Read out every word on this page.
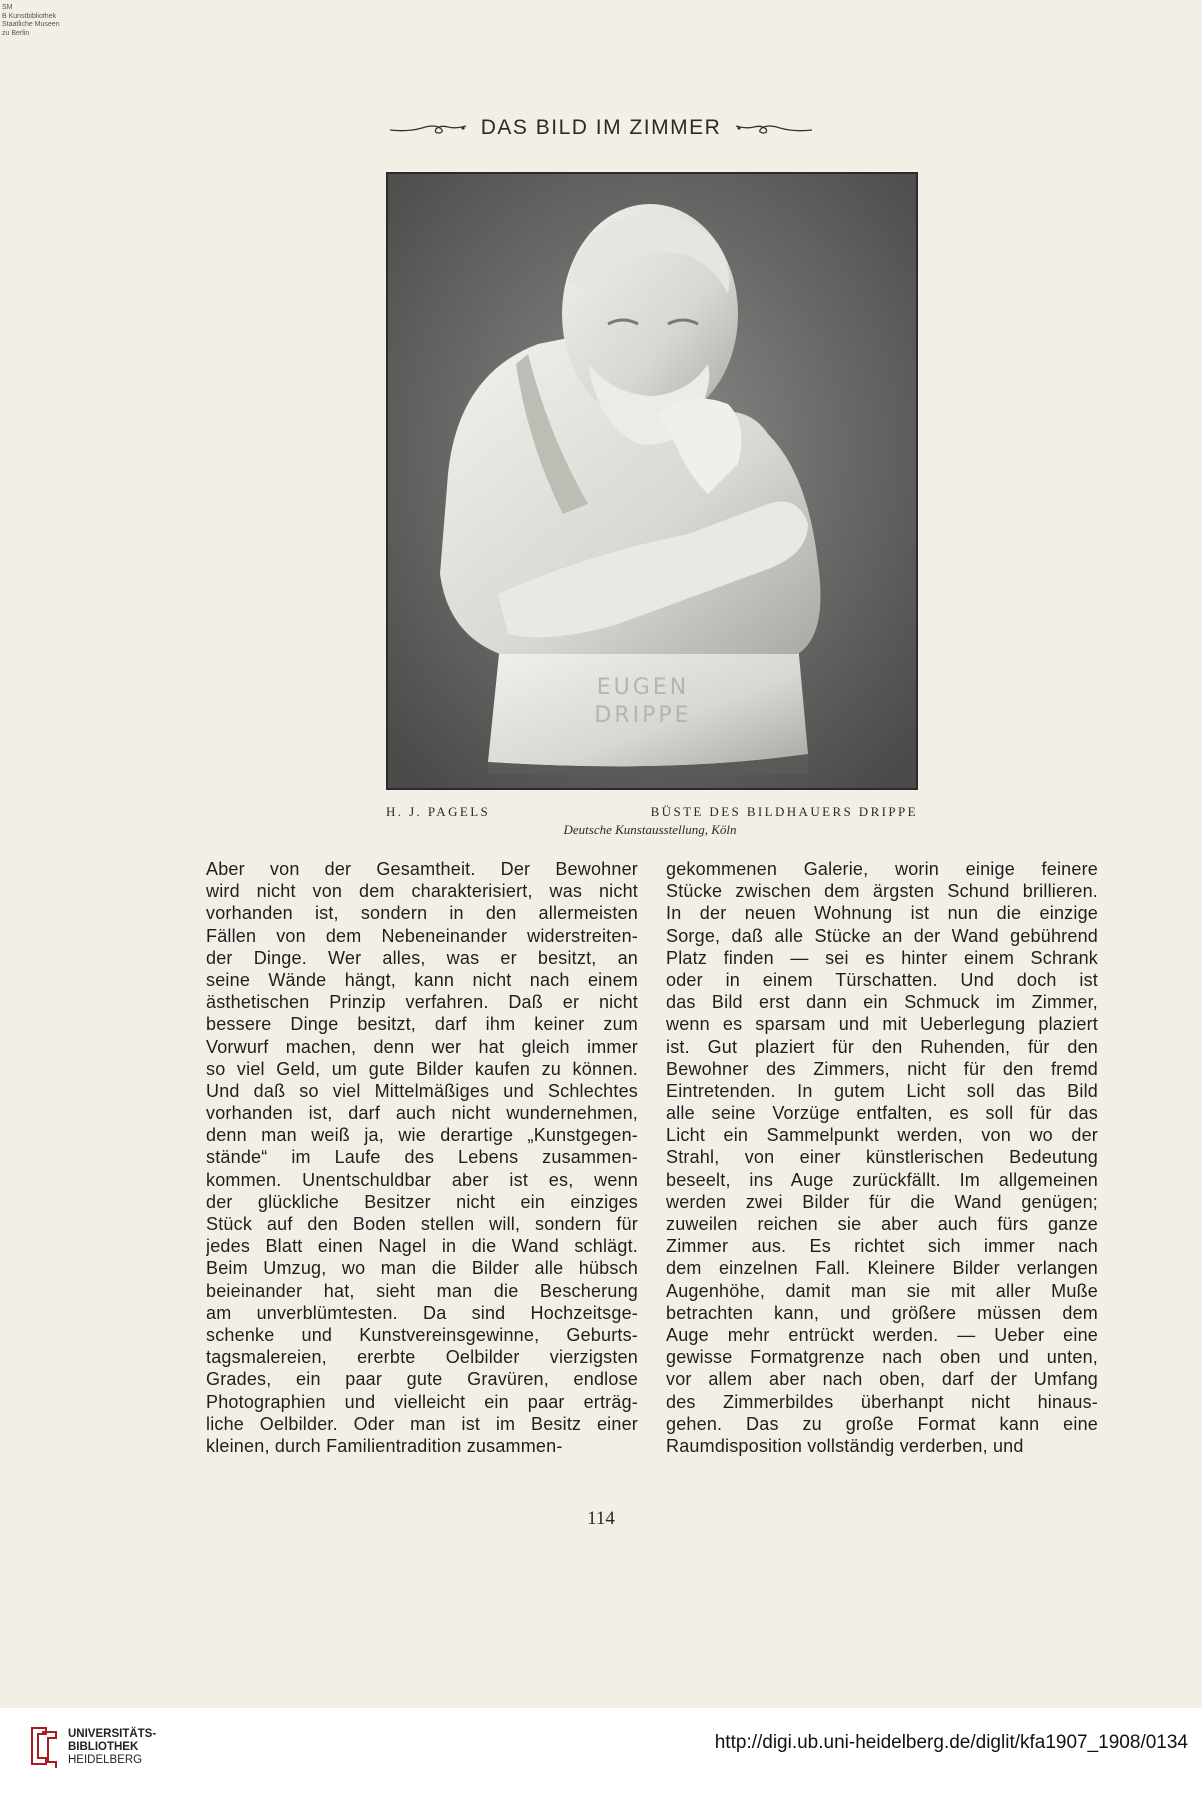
SM
B Kunstbibliothek
Staatliche Museen
zu Berlin
DAS BILD IM ZIMMER
EUGEN
DRIPPE
H. J. PAGELS	BÜSTE DES BILDHAUERS DRIPPE
Deutsche Kunstausstellung, Köln
Aber von der Gesamtheit. Der Bewohner
wird nicht von dem charakterisiert, was nicht
vorhanden ist, sondern in den allermeisten
Fällen von dem Nebeneinander widerstreiten-
der Dinge. Wer alles, was er besitzt, an
seine Wände hängt, kann nicht nach einem
ästhetischen Prinzip verfahren. Daß er nicht
bessere Dinge besitzt, darf ihm keiner zum
Vorwurf machen, denn wer hat gleich immer
so viel Geld, um gute Bilder kaufen zu können.
Und daß so viel Mittelmäßiges und Schlechtes
vorhanden ist, darf auch nicht wundernehmen,
denn man weiß ja, wie derartige „Kunstgegen-
stände“ im Laufe des Lebens zusammen-
kommen. Unentschuldbar aber ist es, wenn
der glückliche Besitzer nicht ein einziges
Stück auf den Boden stellen will, sondern für
jedes Blatt einen Nagel in die Wand schlägt.
Beim Umzug, wo man die Bilder alle hübsch
beieinander hat, sieht man die Bescherung
am unverblümtesten. Da sind Hochzeitsge-
schenke und Kunstvereinsgewinne, Geburts-
tagsmalereien, ererbte Oelbilder vierzigsten
Grades, ein paar gute Gravüren, endlose
Photographien und vielleicht ein paar erträg-
liche Oelbilder. Oder man ist im Besitz einer
kleinen, durch Familientradition zusammen-
gekommenen Galerie, worin einige feinere
Stücke zwischen dem ärgsten Schund brillieren.
In der neuen Wohnung ist nun die einzige
Sorge, daß alle Stücke an der Wand gebührend
Platz finden — sei es hinter einem Schrank
oder in einem Türschatten. Und doch ist
das Bild erst dann ein Schmuck im Zimmer,
wenn es sparsam und mit Ueberlegung plaziert
ist. Gut plaziert für den Ruhenden, für den
Bewohner des Zimmers, nicht für den fremd
Eintretenden. In gutem Licht soll das Bild
alle seine Vorzüge entfalten, es soll für das
Licht ein Sammelpunkt werden, von wo der
Strahl, von einer künstlerischen Bedeutung
beseelt, ins Auge zurückfällt. Im allgemeinen
werden zwei Bilder für die Wand genügen;
zuweilen reichen sie aber auch fürs ganze
Zimmer aus. Es richtet sich immer nach
dem einzelnen Fall. Kleinere Bilder verlangen
Augenhöhe, damit man sie mit aller Muße
betrachten kann, und größere müssen dem
Auge mehr entrückt werden. — Ueber eine
gewisse Formatgrenze nach oben und unten,
vor allem aber nach oben, darf der Umfang
des Zimmerbildes überhanpt nicht hinaus-
gehen. Das zu große Format kann eine
Raumdisposition vollständig verderben, und
114
UNIVERSITÄTS-
BIBLIOTHEK
HEIDELBERG
http://digi.ub.uni-heidelberg.de/diglit/kfa1907_1908/0134
